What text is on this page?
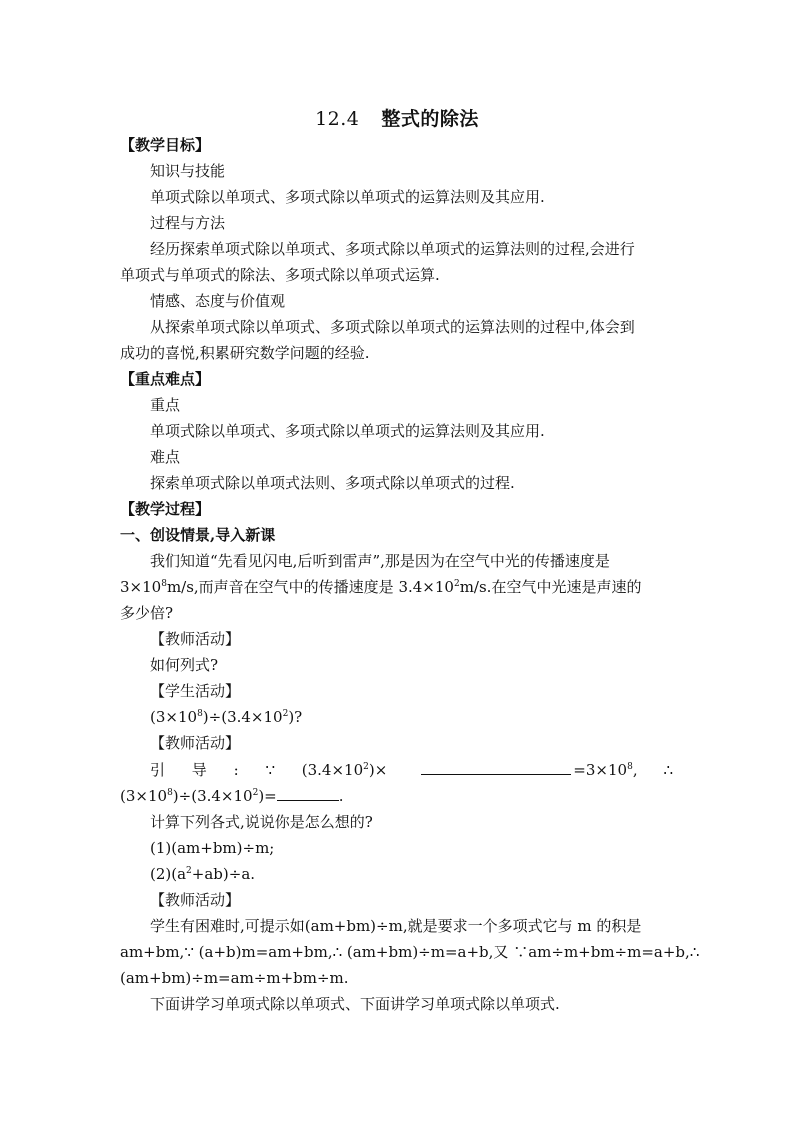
12.4 整式的除法
【教学目标】
知识与技能
单项式除以单项式、多项式除以单项式的运算法则及其应用.
过程与方法
经历探索单项式除以单项式、多项式除以单项式的运算法则的过程,会进行
单项式与单项式的除法、多项式除以单项式运算.
情感、态度与价值观
从探索单项式除以单项式、多项式除以单项式的运算法则的过程中,体会到
成功的喜悦,积累研究数学问题的经验.
【重点难点】
重点
单项式除以单项式、多项式除以单项式的运算法则及其应用.
难点
探索单项式除以单项式法则、多项式除以单项式的过程.
【教学过程】
一、创设情景,导入新课
我们知道“先看见闪电,后听到雷声”,那是因为在空气中光的传播速度是
$3\times 10^8m/s$,而声音在空气中的传播速度是 $3.4\times 10^2m/s$.在空气中光速是声速的
多少倍?
【教师活动】
如何列式?
【学生活动】
$(3\times 10^8)\div(3.4\times 10^2)$?
【教师活动】
引 导 : ∵ $(3.4\times 10^2)\times$	$=3\times 10^8$, ∴
$(3\times 10^8)\div(3.4\times 10^2)=$	.
计算下列各式,说说你是怎么想的?
(1)(am+bm)÷m;
$(2)(a^2+ab)\div a$.
【教师活动】
学生有困难时,可提示如(am+bm)÷m,就是要求一个多项式它与 m 的积是
am+bm, ∵ (a+b)m=am+bm, ∴ (am+bm)÷m=a+b, 又 ∵ am÷m+bm÷m=a+b, ∴
(am+bm)÷m=am÷m+bm÷m.
下面讲学习单项式除以单项式、下面讲学习单项式除以单项式.
